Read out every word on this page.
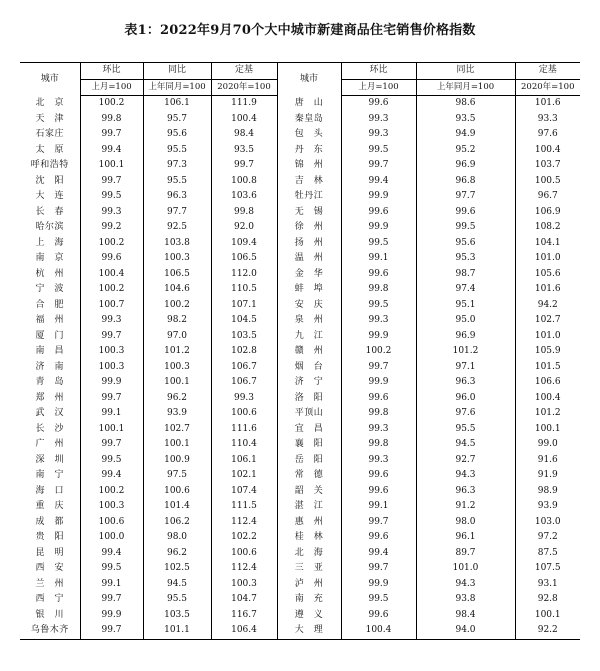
表1：2022年9月70个大中城市新建商品住宅销售价格指数
城市	环比	同比	定基	城市	环比	同比	定基
	上月=100	上年同月=100	2020年=100		上月=100	上年同月=100	2020年=100
北　京	100.2	106.1	111.9	唐　山	99.6	98.6	101.6
天　津	99.8	95.7	100.4	秦皇岛	99.3	93.5	93.3
石家庄	99.7	95.6	98.4	包　头	99.3	94.9	97.6
太　原	99.4	95.5	93.5	丹　东	99.5	95.2	100.4
呼和浩特	100.1	97.3	99.7	锦　州	99.7	96.9	103.7
沈　阳	99.7	95.5	100.8	吉　林	99.4	96.8	100.5
大　连	99.5	96.3	103.6	牡丹江	99.9	97.7	96.7
长　春	99.3	97.7	99.8	无　锡	99.6	99.6	106.9
哈尔滨	99.2	92.5	92.0	徐　州	99.9	99.5	108.2
上　海	100.2	103.8	109.4	扬　州	99.5	95.6	104.1
南　京	99.6	100.3	106.5	温　州	99.1	95.3	101.0
杭　州	100.4	106.5	112.0	金　华	99.6	98.7	105.6
宁　波	100.2	104.6	110.5	蚌　埠	99.8	97.4	101.6
合　肥	100.7	100.2	107.1	安　庆	99.5	95.1	94.2
福　州	99.3	98.2	104.5	泉　州	99.3	95.0	102.7
厦　门	99.7	97.0	103.5	九　江	99.9	96.9	101.0
南　昌	100.3	101.2	102.8	赣　州	100.2	101.2	105.9
济　南	100.3	100.3	106.7	烟　台	99.7	97.1	101.5
青　岛	99.9	100.1	106.7	济　宁	99.9	96.3	106.6
郑　州	99.7	96.2	99.3	洛　阳	99.6	96.0	100.4
武　汉	99.1	93.9	100.6	平顶山	99.8	97.6	101.2
长　沙	100.1	102.7	111.6	宜　昌	99.3	95.5	100.1
广　州	99.7	100.1	110.4	襄　阳	99.8	94.5	99.0
深　圳	99.5	100.9	106.1	岳　阳	99.3	92.7	91.6
南　宁	99.4	97.5	102.1	常　德	99.6	94.3	91.9
海　口	100.2	100.6	107.4	韶　关	99.6	96.3	98.9
重　庆	100.3	101.4	111.5	湛　江	99.1	91.2	93.9
成　都	100.6	106.2	112.4	惠　州	99.7	98.0	103.0
贵　阳	100.0	98.0	102.2	桂　林	99.6	96.1	97.2
昆　明	99.4	96.2	100.6	北　海	99.4	89.7	87.5
西　安	99.5	102.5	112.4	三　亚	99.7	101.0	107.5
兰　州	99.1	94.5	100.3	泸　州	99.9	94.3	93.1
西　宁	99.7	95.5	104.7	南　充	99.5	93.8	92.8
银　川	99.9	103.5	116.7	遵　义	99.6	98.4	100.1
乌鲁木齐	99.7	101.1	106.4	大　理	100.4	94.0	92.2
